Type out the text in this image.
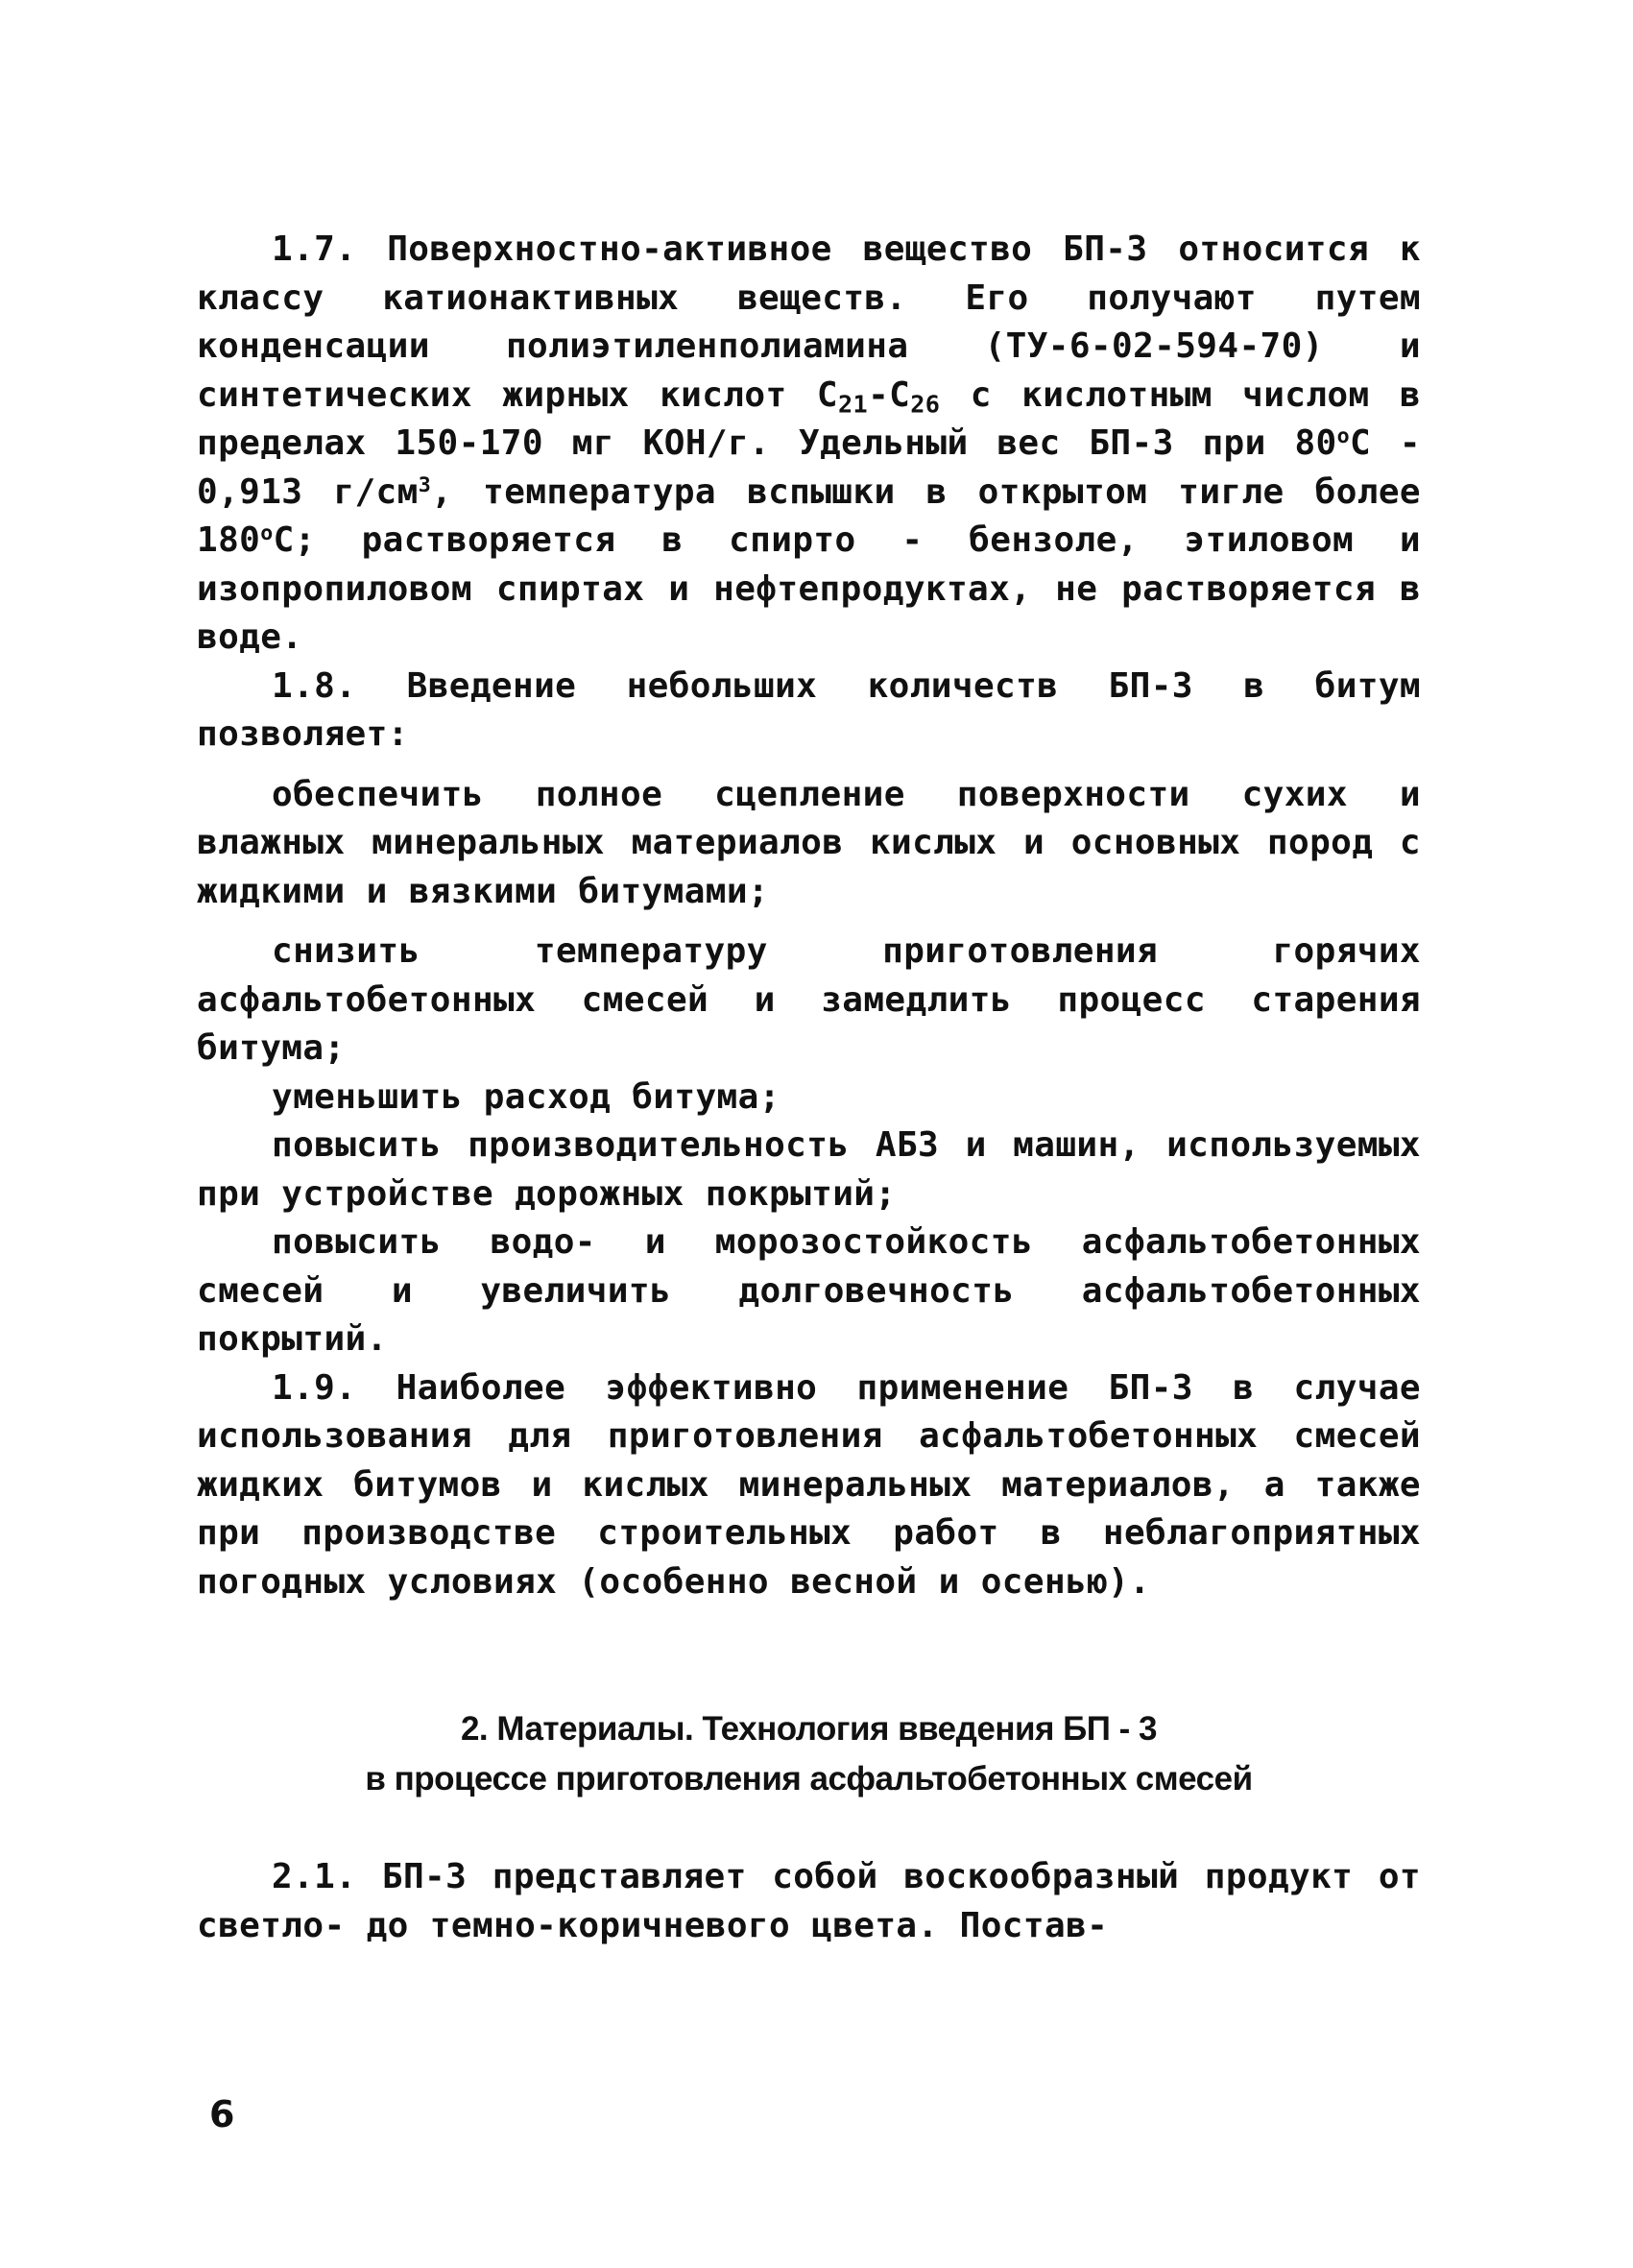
1.7. Поверхностно-активное вещество БП-3 относится к классу катионактивных веществ. Его получают путем конденсации полиэтиленполиамина (ТУ-6-02-594-70) и синтетических жирных кислот $С_{21}-С_{26}$ с кислотным числом в пределах 150-170 мг КОН/г. Удельный вес БП-3 при $80^оС - 0,913$ $г/см^3$, температура вспышки в открытом тигле более $180^оС$; растворяется в спирто - бензоле, этиловом и изопропиловом спиртах и нефтепродуктах, не растворяется в воде.

1.8. Введение небольших количеств БП-3 в битум позволяет:

обеспечить полное сцепление поверхности сухих и влажных минеральных материалов кислых и основных пород с жидкими и вязкими битумами;

снизить температуру приготовления горячих асфальтобетонных смесей и замедлить процесс старения битума;

уменьшить расход битума;

повысить производительность АБЗ и машин, используемых при устройстве дорожных покрытий;

повысить водо- и морозостойкость асфальтобетонных смесей и увеличить долговечность асфальтобетонных покрытий.

1.9. Наиболее эффективно применение БП-3 в случае использования для приготовления асфальтобетонных смесей жидких битумов и кислых минеральных материалов, а также при производстве строительных работ в неблагоприятных погодных условиях (особенно весной и осенью).

2. Материалы. Технология введения БП - 3
в процессе приготовления асфальтобетонных смесей

2.1. БП-3 представляет собой воскообразный продукт от светло- до темно-коричневого цвета. Постав-

6
